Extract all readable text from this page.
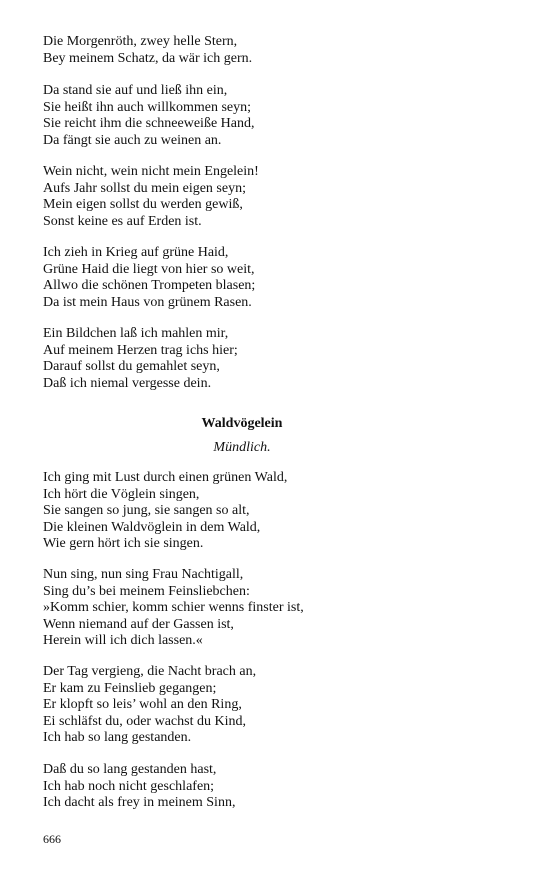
Die Morgenröth, zwey helle Stern,
Bey meinem Schatz, da wär ich gern.
Da stand sie auf und ließ ihn ein,
Sie heißt ihn auch willkommen seyn;
Sie reicht ihm die schneeweiße Hand,
Da fängt sie auch zu weinen an.
Wein nicht, wein nicht mein Engelein!
Aufs Jahr sollst du mein eigen seyn;
Mein eigen sollst du werden gewiß,
Sonst keine es auf Erden ist.
Ich zieh in Krieg auf grüne Haid,
Grüne Haid die liegt von hier so weit,
Allwo die schönen Trompeten blasen;
Da ist mein Haus von grünem Rasen.
Ein Bildchen laß ich mahlen mir,
Auf meinem Herzen trag ichs hier;
Darauf sollst du gemahlet seyn,
Daß ich niemal vergesse dein.
Waldvögelein
Mündlich.
Ich ging mit Lust durch einen grünen Wald,
Ich hört die Vöglein singen,
Sie sangen so jung, sie sangen so alt,
Die kleinen Waldvöglein in dem Wald,
Wie gern hört ich sie singen.
Nun sing, nun sing Frau Nachtigall,
Sing du’s bei meinem Feinsliebchen:
»Komm schier, komm schier wenns finster ist,
Wenn niemand auf der Gassen ist,
Herein will ich dich lassen.«
Der Tag vergieng, die Nacht brach an,
Er kam zu Feinslieb gegangen;
Er klopft so leis’ wohl an den Ring,
Ei schläfst du, oder wachst du Kind,
Ich hab so lang gestanden.
Daß du so lang gestanden hast,
Ich hab noch nicht geschlafen;
Ich dacht als frey in meinem Sinn,
666
